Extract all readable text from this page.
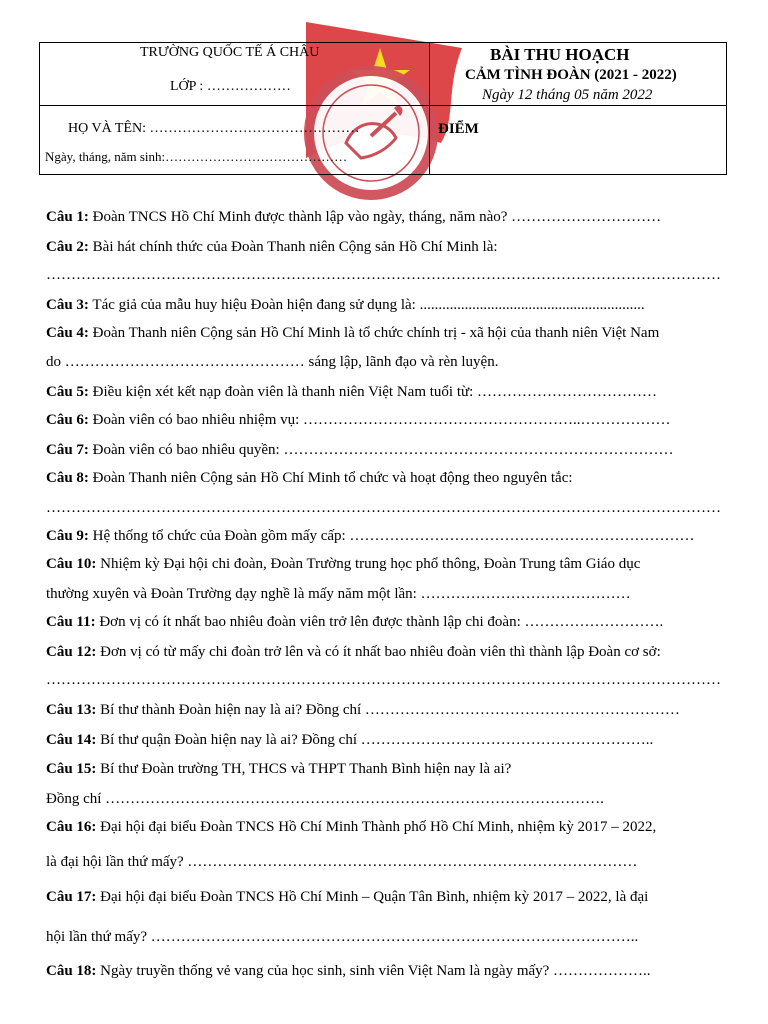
TRƯỜNG QUỐC TẾ Á CHÂU
LỚP : ………………
BÀI THU HOẠCH
CẢM TÌNH ĐOÀN (2021 - 2022)
Ngày 12 tháng 05 năm 2022
HỌ VÀ TÊN: ………………………………………
Ngày, tháng, năm sinh:……………………………………
ĐIỂM
Câu 1: Đoàn TNCS Hồ Chí Minh được thành lập vào ngày, tháng, năm nào? …………………………
Câu 2: Bài hát chính thức của Đoàn Thanh niên Cộng sản Hồ Chí Minh là:
………………………………………………………………………………………………………………………
Câu 3: Tác giả của mẫu huy hiệu Đoàn hiện đang sử dụng là: ............................................................
Câu 4: Đoàn Thanh niên Cộng sản Hồ Chí Minh là tổ chức chính trị - xã hội của thanh niên Việt Nam
do ………………………………………… sáng lập, lãnh đạo và rèn luyện.
Câu 5: Điều kiện xét kết nạp đoàn viên là thanh niên Việt Nam tuổi từ: ………………………………
Câu 6: Đoàn viên có bao nhiêu nhiệm vụ: ………………………………………………..………………
Câu 7: Đoàn viên có bao nhiêu quyền: ……………………………………………………………………
Câu 8: Đoàn Thanh niên Cộng sản Hồ Chí Minh tổ chức và hoạt động theo nguyên tắc:
………………………………………………………………………………………………………………………
Câu 9: Hệ thống tổ chức của Đoàn gồm mấy cấp: ……………………………………………………………
Câu 10: Nhiệm kỳ Đại hội chi đoàn, Đoàn Trường trung học phổ thông, Đoàn Trung tâm Giáo dục
thường xuyên và Đoàn Trường dạy nghề là mấy năm một lần: ……………………………………
Câu 11: Đơn vị có ít nhất bao nhiêu đoàn viên trở lên được thành lập chi đoàn: ……………………….
Câu 12: Đơn vị có từ mấy chi đoàn trở lên và có ít nhất bao nhiêu đoàn viên thì thành lập Đoàn cơ sở:
………………………………………………………………………………………………………………………
Câu 13: Bí thư thành Đoàn hiện nay là ai? Đồng chí ………………………………………………………
Câu 14: Bí thư quận Đoàn hiện nay là ai? Đồng chí …………………………………………………..
Câu 15: Bí thư Đoàn trường TH, THCS và THPT Thanh Bình hiện nay là ai?
Đồng chí ……………………………………………………………………………………….
Câu 16: Đại hội đại biểu Đoàn TNCS Hồ Chí Minh Thành phố Hồ Chí Minh, nhiệm kỳ 2017 – 2022,
là đại hội lần thứ mấy? ………………………………………………………………………………
Câu 17: Đại hội đại biểu Đoàn TNCS Hồ Chí Minh – Quận Tân Bình, nhiệm kỳ 2017 – 2022, là đại
hội lần thứ mấy? ……………………………………………………………………………………..
Câu 18: Ngày truyền thống vẻ vang của học sinh, sinh viên Việt Nam là ngày mấy? ………………..
